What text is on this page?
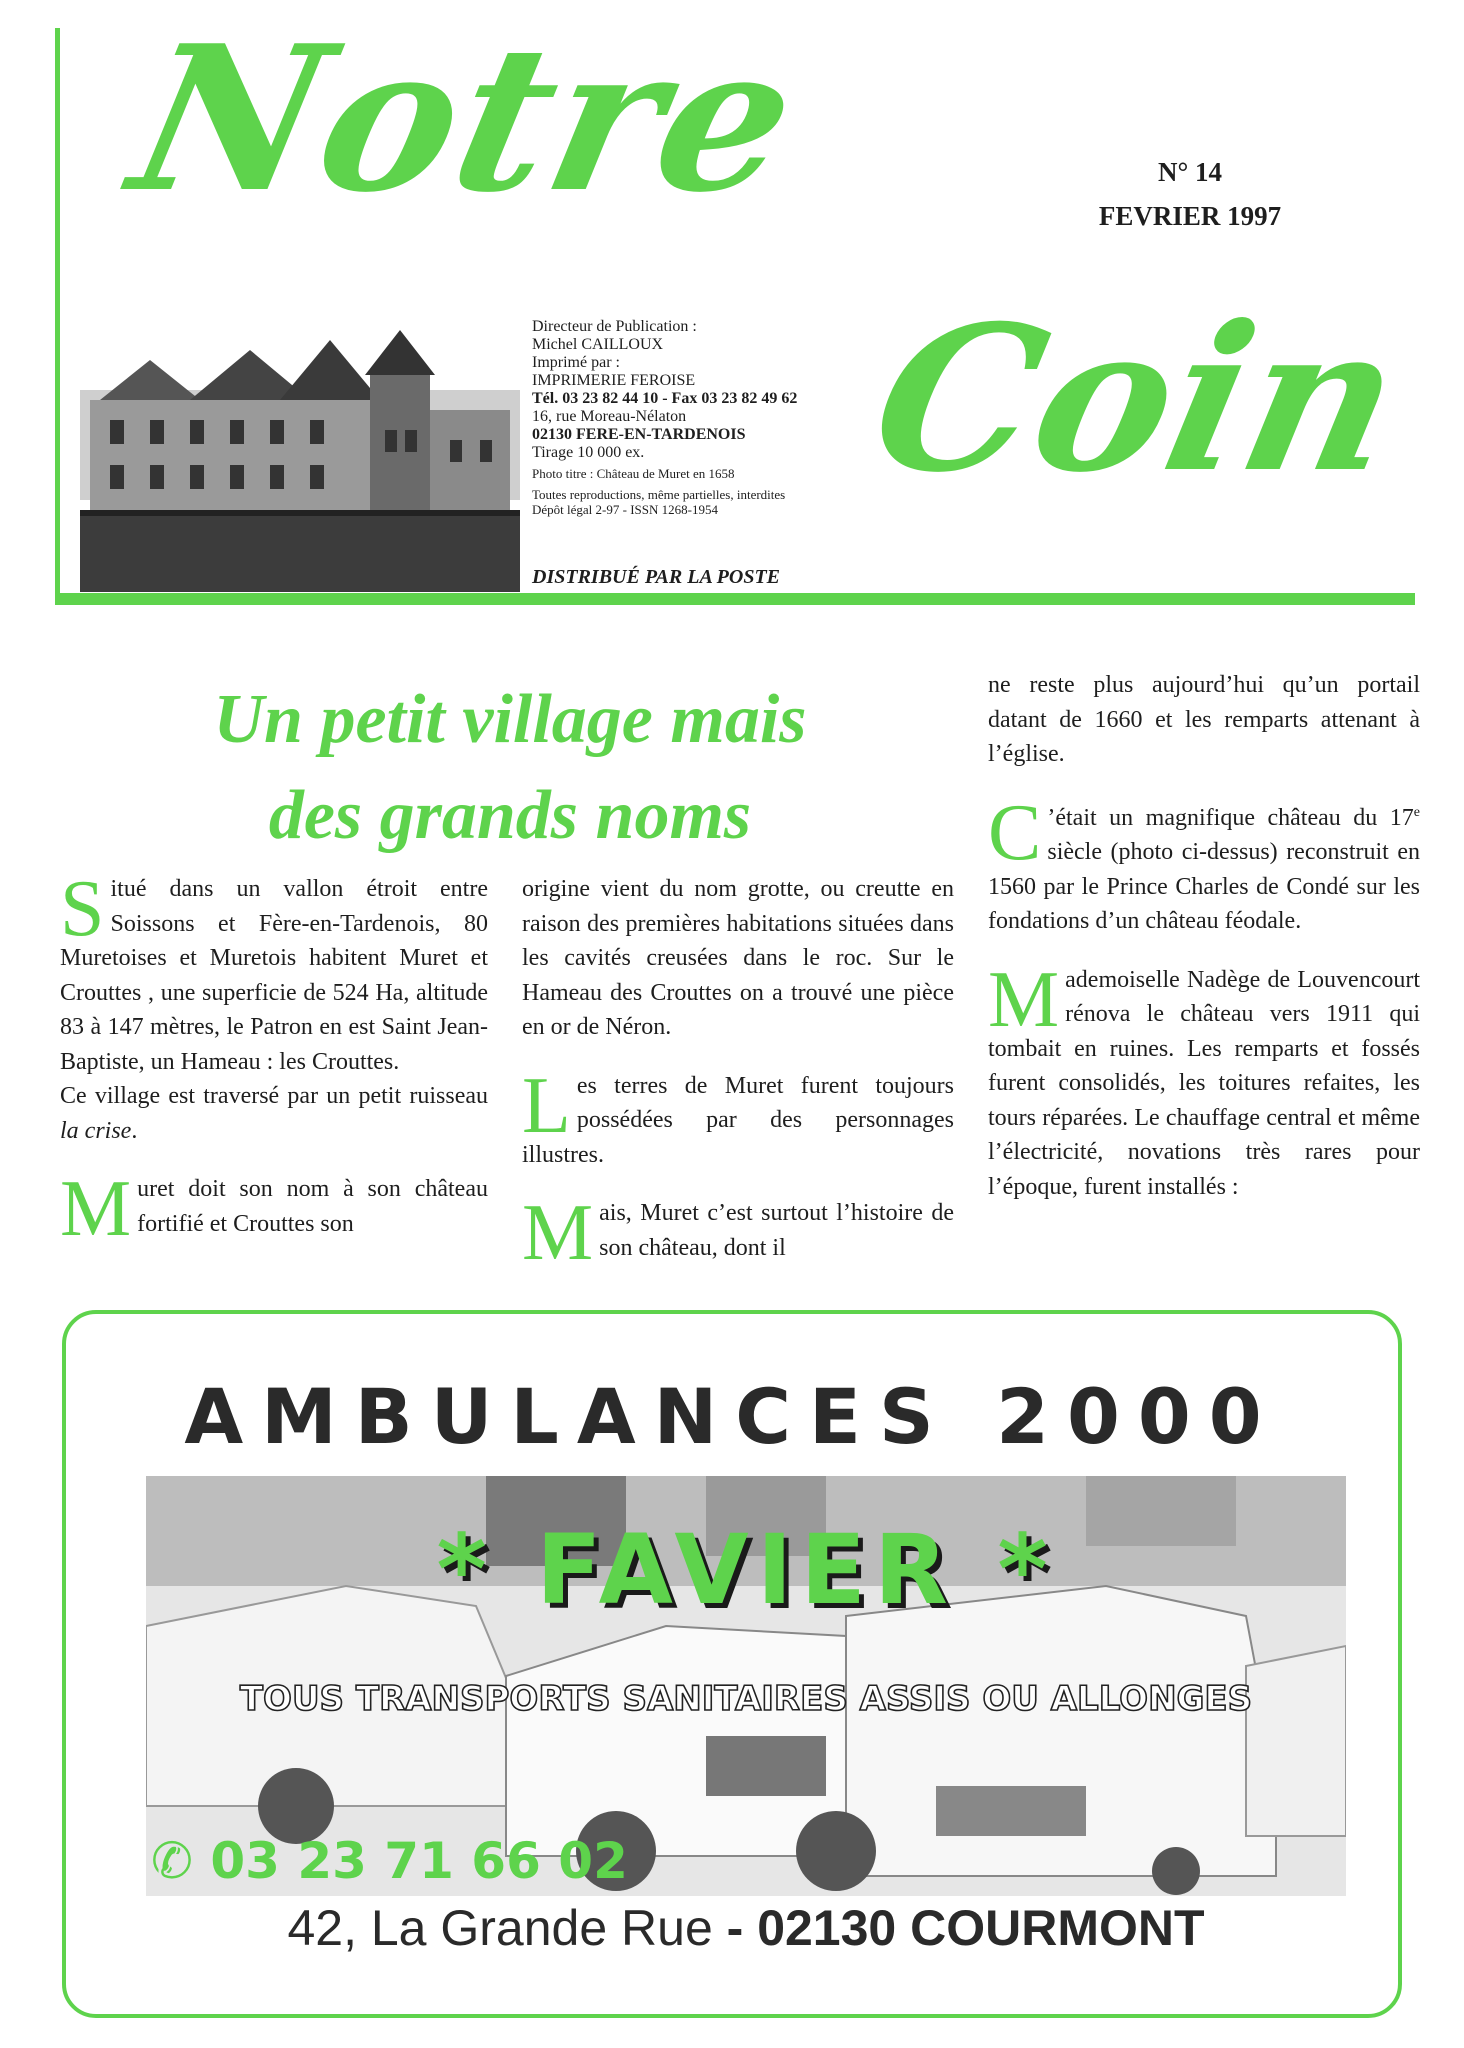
Notre
Coin
N° 14
FEVRIER 1997
Directeur de Publication :
Michel CAILLOUX
Imprimé par :
IMPRIMERIE FEROISE
Tél. 03 23 82 44 10 - Fax 03 23 82 49 62
16, rue Moreau-Nélaton
02130 FERE-EN-TARDENOIS
Tirage 10 000 ex.
Photo titre : Château de Muret en 1658
Toutes reproductions, même partielles, interdites
Dépôt légal 2-97 - ISSN 1268-1954
DISTRIBUÉ PAR LA POSTE
Un petit village mais
des grands noms

Situé dans un vallon étroit entre Soissons et Fère-en-Tardenois, 80 Muretoises et Muretois habitent Muret et Crouttes , une superficie de 524 Ha, altitude 83 à 147 mètres, le Patron en est Saint Jean-Baptiste, un Hameau : les Crouttes.
Ce village est traversé par un petit ruisseau la crise.

Muret doit son nom à son château fortifié et Crouttes son

origine vient du nom grotte, ou creutte en raison des premières habitations situées dans les cavités creusées dans le roc. Sur le Hameau des Crouttes on a trouvé une pièce en or de Néron.

Les terres de Muret furent toujours possédées par des personnages illustres.

Mais, Muret c’est surtout l’histoire de son château, dont il

ne reste plus aujourd’hui qu’un portail datant de 1660 et les remparts attenant à l’église.

C ’était un magnifique château du 17e siècle (photo ci-dessus) reconstruit en 1560 par le Prince Charles de Condé sur les fondations d’un château féodale.

Mademoiselle Nadège de Louvencourt rénova le château vers 1911 qui tombait en ruines. Les remparts et fossés furent consolidés, les toitures refaites, les tours réparées. Le chauffage central et même l’électricité, novations très rares pour l’époque, furent installés :

AMBULANCES 2000
* FAVIER *
TOUS TRANSPORTS SANITAIRES ASSIS OU ALLONGES
✆ 03 23 71 66 02
42, La Grande Rue - 02130 COURMONT
